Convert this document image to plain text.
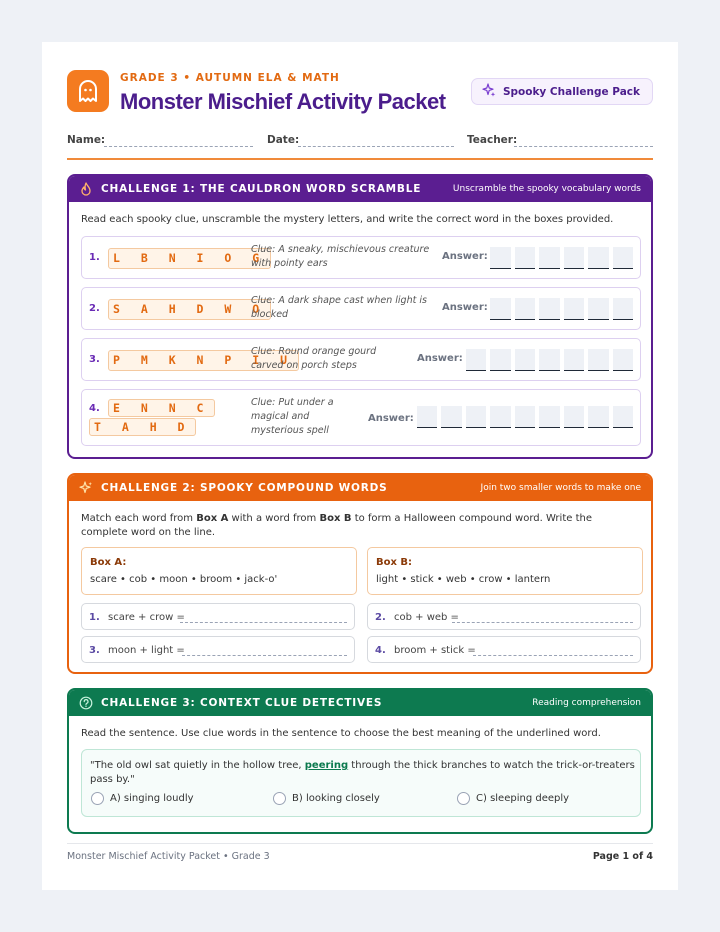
GRADE 3 • AUTUMN ELA & MATH
Monster Mischief Activity Packet	Spooky Challenge Pack
Name:	Date:	Teacher:
CHALLENGE 1: THE CAULDRON WORD SCRAMBLE	Unscramble the spooky vocabulary words
Read each spooky clue, unscramble the mystery letters, and write the correct word in the boxes provided.
1.	L B N I O G
Clue: A sneaky, mischievous creature with pointy ears
Answer:
2.	S A H D W O
Clue: A dark shape cast when light is blocked
Answer:
3.	P M K N P I U
Clue: Round orange gourd carved on porch steps
Answer:
4.	E N N C T A H D
Clue: Put under a magical and mysterious spell
Answer:
CHALLENGE 2: SPOOKY COMPOUND WORDS	Join two smaller words to make one
Match each word from Box A with a word from Box B to form a Halloween compound word. Write the complete word on the line.
Box A:
scare • cob • moon • broom • jack-o'
Box B:
light • stick • web • crow • lantern
1. scare + crow =	2. cob + web =
3. moon + light =	4. broom + stick =
CHALLENGE 3: CONTEXT CLUE DETECTIVES	Reading comprehension
Read the sentence. Use clue words in the sentence to choose the best meaning of the underlined word.
"The old owl sat quietly in the hollow tree, peering through the thick branches to watch the trick-or-treaters pass by."
A) singing loudly	B) looking closely	C) sleeping deeply
Monster Mischief Activity Packet • Grade 3	Page 1 of 4
